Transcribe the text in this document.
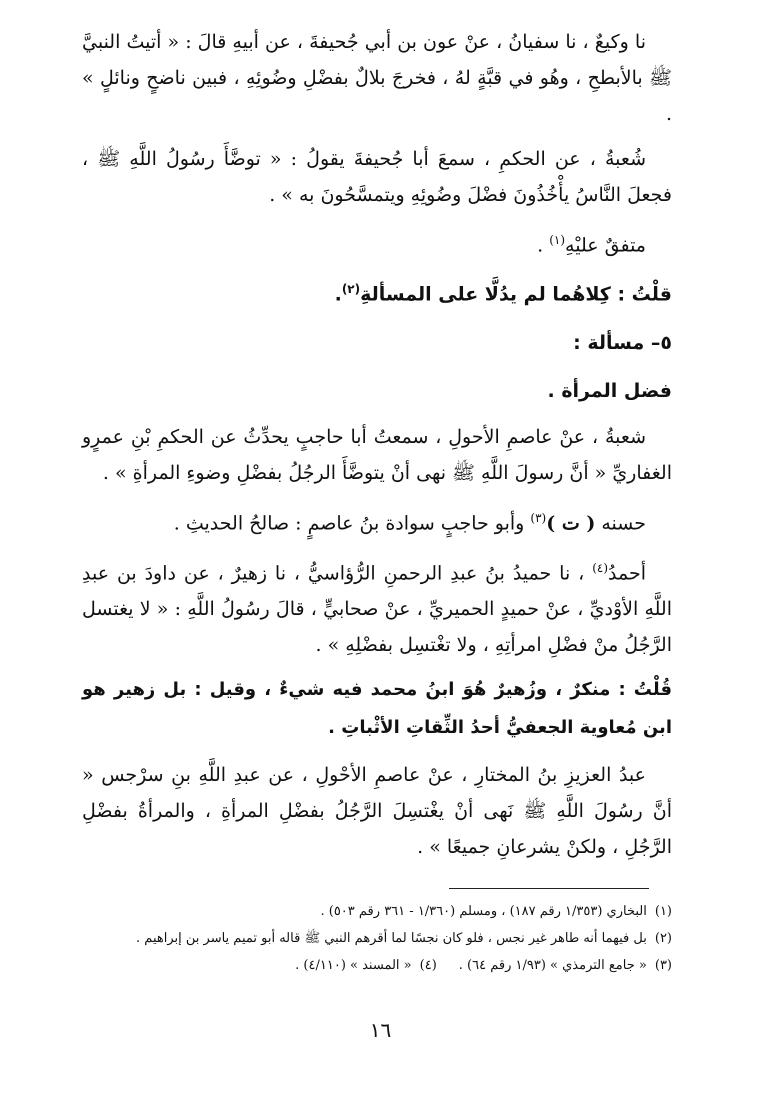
نا وكيعٌ ، نا سفيانُ ، عنْ عون بن أبي جُحيفةَ ، عن أبيهِ قالَ : « أتيتُ النبيَّ ﷺ بالأبطحِ ، وهُو في قبَّةٍ لهُ ، فخرجَ بلالٌ بفضْلِ وضُوئِهِ ، فبين ناضحٍ ونائلٍ » .

شُعبةُ ، عن الحكمِ ، سمعَ أبا جُحيفةَ يقولُ : « توضَّأَ رسُولُ اللَّهِ ﷺ ، فجعلَ النَّاسُ يأْخُذُونَ فضْلَ وضُوئِهِ ويتمسَّحُونَ به » .

متفقٌ عليْهِ$^{(١)}$ .

قلْتُ : كِلاهُما لم يدُلَّا على المسألةِ$^{(٢)}$.

٥– مسألة :

فضل المرأة .

شعبةُ ، عنْ عاصمِ الأحولِ ، سمعتُ أبا حاجبٍ يحدِّثُ عن الحكمِ بْنِ عمرٍو الغفاريِّ « أنَّ رسولَ اللَّهِ ﷺ نهى أنْ يتوضَّأَ الرجُلُ بفضْلِ وضوءِ المرأةِ » .

حسنه ( ت )$^{(٣)}$ وأبو حاجبٍ سوادة بنُ عاصمٍ : صالحُ الحديثِ .

أحمدُ$^{(٤)}$ ، نا حميدُ بنُ عبدِ الرحمنِ الرُّؤاسيُّ ، نا زهيرٌ ، عن داودَ بن عبدِ اللَّهِ الأوْديِّ ، عنْ حميدٍ الحميريِّ ، عنْ صحابيٍّ ، قالَ رسُولُ اللَّهِ : « لا يغتسل الرَّجُلُ منْ فضْلِ امرأتِهِ ، ولا تغْتسِل بفضْلِهِ » .

قُلْتُ : منكرٌ ، وزُهيرٌ هُوَ ابنُ محمد فيه شيءٌ ، وقيل : بل زهير هو ابن مُعاوية الجعفيُّ أحدُ الثِّقاتِ الأثْباتِ .

عبدُ العزيزِ بنُ المختارِ ، عنْ عاصمِ الأحْولِ ، عن عبدِ اللَّهِ بنِ سرْجس « أنَّ رسُولَ اللَّهِ ﷺ نَهى أنْ يغْتسِلَ الرَّجُلُ بفضْلِ المرأةِ ، والمرأةُ بفضْلِ الرَّجُلِ ، ولكنْ يشرعانِ جميعًا » .

(١)البخاري (١/٣٥٣ رقم ١٨٧) ، ومسلم (١/٣٦٠ - ٣٦١ رقم ٥٠٣) .

(٢)بل فيهما أنه طاهر غير نجس ، فلو كان نجسًا لما أقرهم النبي ﷺ قاله أبو تميم ياسر بن إبراهيم .

(٣)« جامع الترمذي » (١/٩٣ رقم ٦٤) .(٤)« المسند » (٤/١١٠) .

١٦
